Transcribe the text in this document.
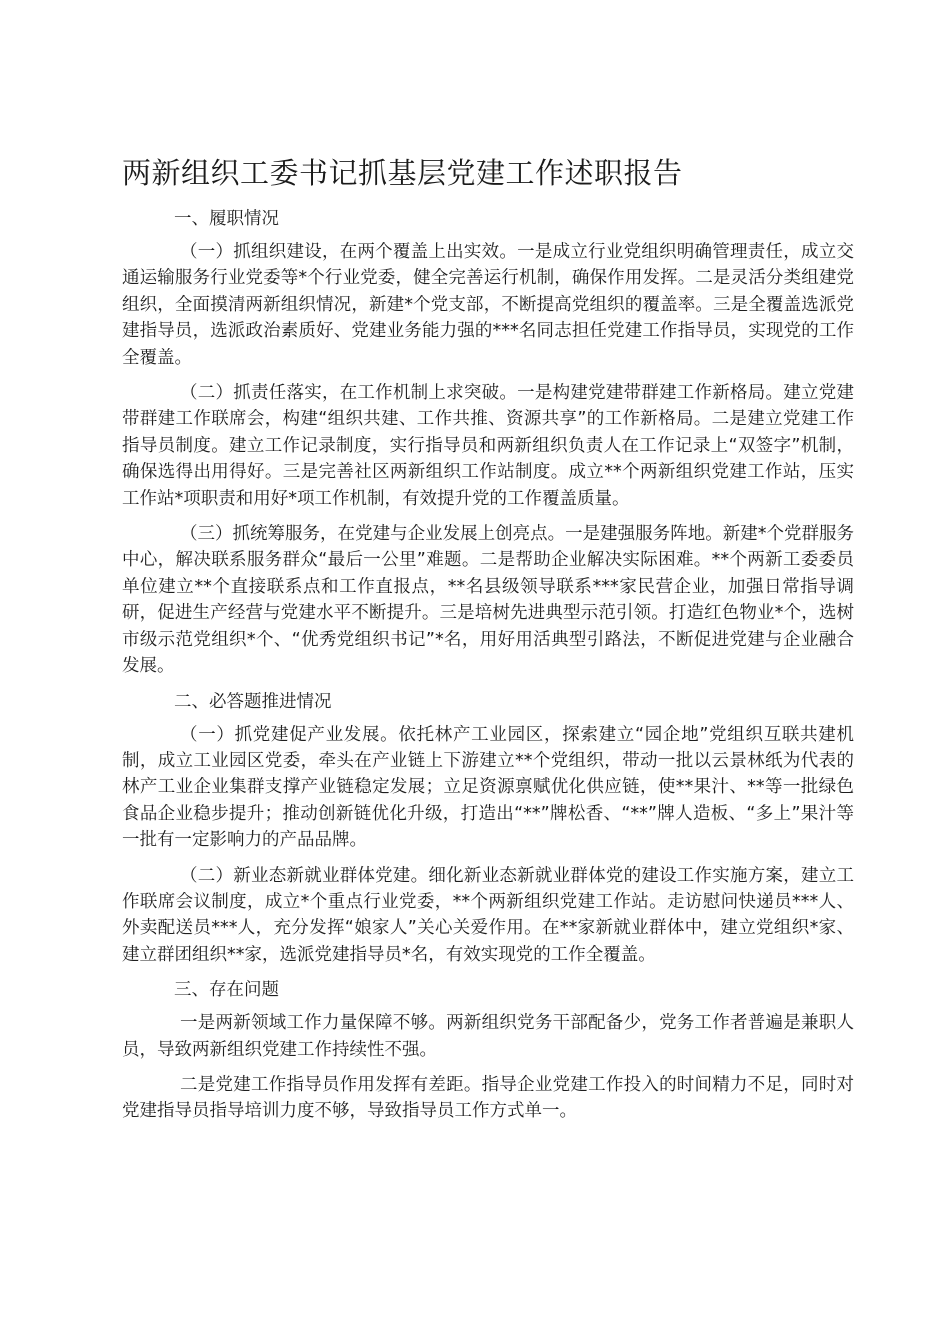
两新组织工委书记抓基层党建工作述职报告
一、履职情况

（一）抓组织建设，在两个覆盖上出实效。一是成立行业党组织明确管理责任，成立交通运输服务行业党委等*个行业党委，健全完善运行机制，确保作用发挥。二是灵活分类组建党组织，全面摸清两新组织情况，新建*个党支部，不断提高党组织的覆盖率。三是全覆盖选派党建指导员，选派政治素质好、党建业务能力强的***名同志担任党建工作指导员，实现党的工作全覆盖。

（二）抓责任落实，在工作机制上求突破。一是构建党建带群建工作新格局。建立党建带群建工作联席会，构建“组织共建、工作共推、资源共享”的工作新格局。二是建立党建工作指导员制度。建立工作记录制度，实行指导员和两新组织负责人在工作记录上“双签字”机制，确保选得出用得好。三是完善社区两新组织工作站制度。成立**个两新组织党建工作站，压实工作站*项职责和用好*项工作机制，有效提升党的工作覆盖质量。

（三）抓统筹服务，在党建与企业发展上创亮点。一是建强服务阵地。新建*个党群服务中心，解决联系服务群众“最后一公里”难题。二是帮助企业解决实际困难。**个两新工委委员单位建立**个直接联系点和工作直报点，**名县级领导联系***家民营企业，加强日常指导调研，促进生产经营与党建水平不断提升。三是培树先进典型示范引领。打造红色物业*个，选树市级示范党组织*个、“优秀党组织书记”*名，用好用活典型引路法，不断促进党建与企业融合发展。

二、必答题推进情况

（一）抓党建促产业发展。依托林产工业园区，探索建立“园企地”党组织互联共建机制，成立工业园区党委，牵头在产业链上下游建立**个党组织，带动一批以云景林纸为代表的林产工业企业集群支撑产业链稳定发展；立足资源禀赋优化供应链，使**果汁、**等一批绿色食品企业稳步提升；推动创新链优化升级，打造出“**”牌松香、“**”牌人造板、“多上”果汁等一批有一定影响力的产品品牌。

（二）新业态新就业群体党建。细化新业态新就业群体党的建设工作实施方案，建立工作联席会议制度，成立*个重点行业党委，**个两新组织党建工作站。走访慰问快递员***人、外卖配送员***人，充分发挥“娘家人”关心关爱作用。在**家新就业群体中，建立党组织*家、建立群团组织**家，选派党建指导员*名，有效实现党的工作全覆盖。

三、存在问题

一是两新领域工作力量保障不够。两新组织党务干部配备少，党务工作者普遍是兼职人员，导致两新组织党建工作持续性不强。

二是党建工作指导员作用发挥有差距。指导企业党建工作投入的时间精力不足，同时对党建指导员指导培训力度不够，导致指导员工作方式单一。
